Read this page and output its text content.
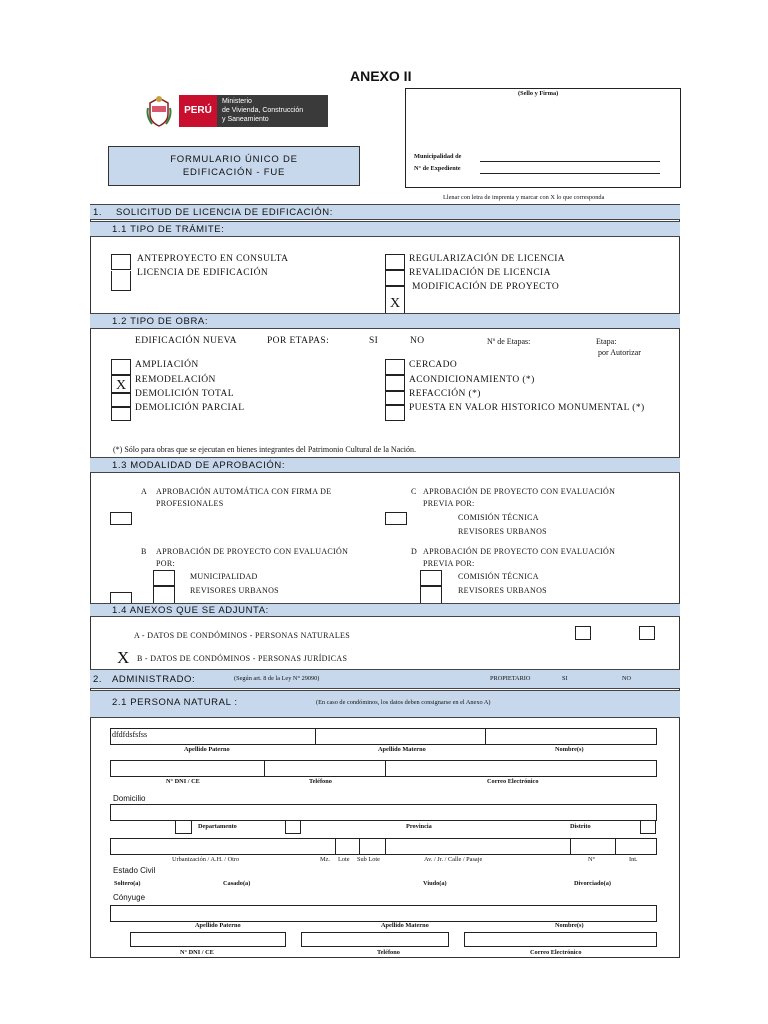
ANEXO II
PERÚ
Ministerio
de Vivienda, Construcción
y Saneamiento
FORMULARIO ÚNICO DE
EDIFICACIÓN - FUE
(Sello y Firma)
Municipalidad de
N° de Expediente
Llenar con letra de imprenta y marcar con X lo que corresponda
1. SOLICITUD DE LICENCIA DE EDIFICACIÓN:
1.1 TIPO DE TRÁMITE:
ANTEPROYECTO EN CONSULTA
LICENCIA DE EDIFICACIÓN
X
REGULARIZACIÓN DE LICENCIA
REVALIDACIÓN DE LICENCIA
MODIFICACIÓN DE PROYECTO
1.2 TIPO DE OBRA:
EDIFICACIÓN NUEVA	POR ETAPAS:	SI	NO	Nº de Etapas:	Etapa:
por Autorizar
X
AMPLIACIÓN
REMODELACIÓN
DEMOLICIÓN TOTAL
DEMOLICIÓN PARCIAL
CERCADO
ACONDICIONAMIENTO (*)
REFACCIÓN (*)
PUESTA EN VALOR HISTORICO MONUMENTAL (*)
(*) Sólo para obras que se ejecutan en bienes integrantes del Patrimonio Cultural de la Nación.
1.3 MODALIDAD DE APROBACIÓN:
A APROBACIÓN AUTOMÁTICA CON FIRMA DE
PROFESIONALES
C APROBACIÓN DE PROYECTO CON EVALUACIÓN
PREVIA POR:
COMISIÓN TÉCNICA
REVISORES URBANOS
B APROBACIÓN DE PROYECTO CON EVALUACIÓN
POR:
MUNICIPALIDAD
REVISORES URBANOS
D APROBACIÓN DE PROYECTO CON EVALUACIÓN
PREVIA POR:
COMISIÓN TÉCNICA
REVISORES URBANOS
1.4 ANEXOS QUE SE ADJUNTA:
A - DATOS DE CONDÓMINOS - PERSONAS NATURALES
X B - DATOS DE CONDÓMINOS - PERSONAS JURÍDICAS
2. ADMINISTRADO:	(Según art. 8 de la Ley N° 29090)	PROPIETARIO	SI	NO
2.1 PERSONA NATURAL :	(En caso de condóminos, los datos deben consignarse en el Anexo A)
dfdfdsfsfss
Apellido Paterno	Apellido Materno	Nombre(s)
N° DNI / CE	Teléfono	Correo Electrónico
Domicilio
Departamento	Provincia	Distrito
Urbanización / A.H. / Otro	Mz. Lote Sub Lote	Av. / Jr. / Calle / Pasaje	N°	Int.
Estado Civil
Soltero(a)	Casado(a)	Viudo(a)	Divorciado(a)
Cónyuge
Apellido Paterno	Apellido Materno	Nombre(s)
N° DNI / CE	Teléfono	Correo Electrónico
